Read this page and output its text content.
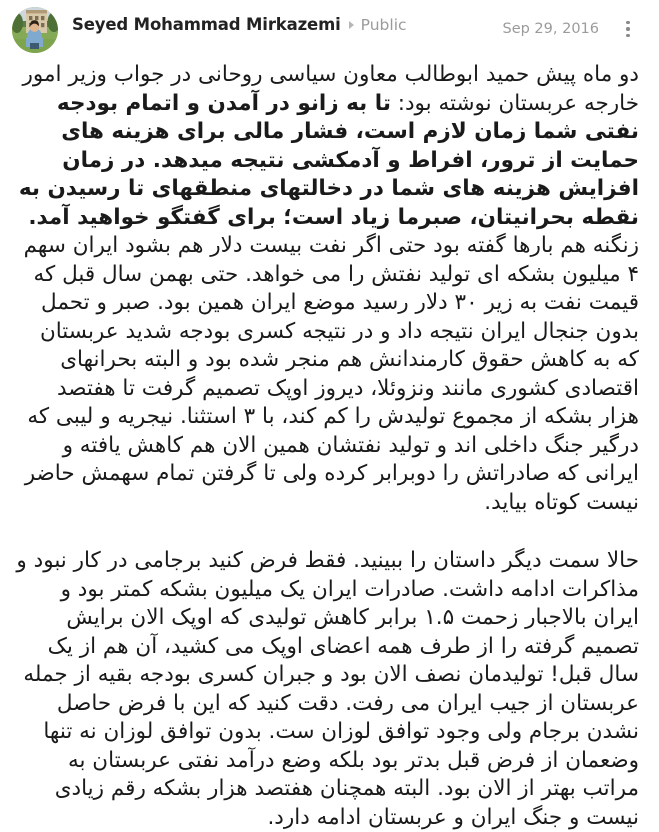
Seyed Mohammad Mirkazemi Public	Sep 29, 2016

دو ماه پیش حمید ابوطالب معاون سیاسی روحانی در جواب وزیر امور خارجه عربستان نوشته بود: تا به زانو در آمدن و اتمام بودجه نفتی شما زمان لازم است، فشار مالی برای هزینه های حمایت از ترور، افراط و آدمکشی نتیجه میدهد. در زمان افزایش هزینه های شما در دخالتهای منطقهای تا رسیدن به نقطه بحرانیتان، صبرما زیاد است؛ برای گفتگو خواهید آمد. زنگنه هم بارها گفته بود حتی اگر نفت بیست دلار هم بشود ایران سهم ۴ میلیون بشکه ای تولید نفتش را می خواهد. حتی بهمن سال قبل که قیمت نفت به زیر ۳۰ دلار رسید موضع ایران همین بود. صبر و تحمل بدون جنجال ایران نتیجه داد و در نتیجه کسری بودجه شدید عربستان که به کاهش حقوق کارمندانش هم منجر شده بود و البته بحرانهای اقتصادی کشوری مانند ونزوئلا، دیروز اوپک تصمیم گرفت تا هفتصد هزار بشکه از مجموع تولیدش را کم کند، با ۳ استثنا. نیجریه و لیبی که درگیر جنگ داخلی اند و تولید نفتشان همین الان هم کاهش یافته و ایرانی که صادراتش را دوبرابر کرده ولی تا گرفتن تمام سهمش حاضر نیست کوتاه بیاید.

حالا سمت دیگر داستان را ببینید. فقط فرض کنید برجامی در کار نبود و مذاکرات ادامه داشت. صادرات ایران یک میلیون بشکه کمتر بود و ایران بالاجبار زحمت ۱.۵ برابر کاهش تولیدی که اوپک الان برایش تصمیم گرفته را از طرف همه اعضای اوپک می کشید، آن هم از یک سال قبل! تولیدمان نصف الان بود و جبران کسری بودجه بقیه از جمله عربستان از جیب ایران می رفت. دقت کنید که این با فرض حاصل نشدن برجام ولی وجود توافق لوزان ست. بدون توافق لوزان نه تنها وضعمان از فرض قبل بدتر بود بلکه وضع درآمد نفتی عربستان به مراتب بهتر از الان بود. البته همچنان هفتصد هزار بشکه رقم زیادی نیست و جنگ ایران و عربستان ادامه دارد.
